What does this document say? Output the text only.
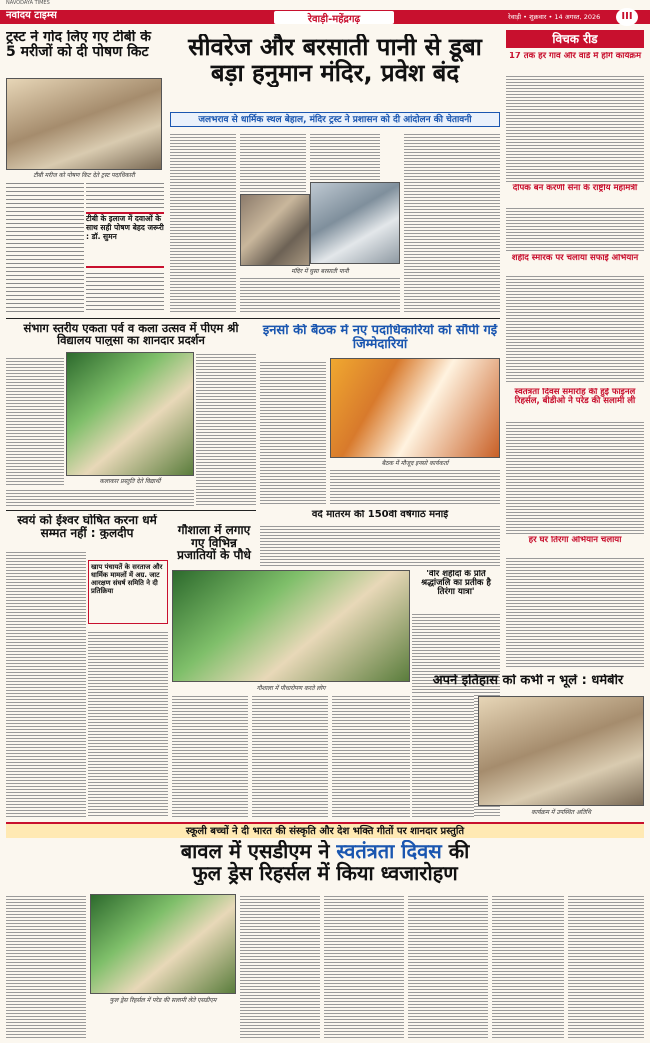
NAVODAYA TIMES
नवोदय टाइम्स	रेवाड़ी-महेंद्रगढ़	रेवाड़ी • शुक्रवार • 14 अगस्त, 2026	III
ट्रस्ट ने गोद लिए गए टीबी के 5 मरीजों को दी पोषण किट
टीबी मरीज को पोषण किट देते ट्रस्ट पदाधिकारी
टीबी के इलाज में दवाओं के साथ सही पोषण बेहद जरूरी : डॉ. सुमन
सीवरेज और बरसाती पानी से डूबा बड़ा हनुमान मंदिर, प्रवेश बंद
जलभराव से धार्मिक स्थल बेहाल, मंदिर ट्रस्ट ने प्रशासन को दी आंदोलन की चेतावनी
मंदिर में घुसा बरसाती पानी
संभाग स्तरीय एकता पर्व व कला उत्सव में पीएम श्री विद्यालय पालुसा का शानदार प्रदर्शन
कलाकार प्रस्तुति देते विद्यार्थी
इनसो की बैठक में नए पदाधिकारियों को सौंपी गईं जिम्मेदारियां
बैठक में मौजूद इनसो कार्यकर्ता
वंदे मातरम की 150वीं वर्षगांठ मनाई
स्वयं को ईश्वर घोषित करना धर्म सम्मत नहीं : कुलदीप
खाप पंचायतें के सरताज और धार्मिक मामलों में अग्र. जाट आरक्षण संघर्ष समिति ने दी प्रतिक्रिया
गौशाला में लगाए गए विभिन्न प्रजातियों के पौधे
गौशाला में पौधारोपण करते लोग
'वीर शहीदों के प्रति श्रद्धांजलि का प्रतीक है तिरंगा यात्रा'
विचक रीड
17 तक हर गांव और वार्ड में होंगे कार्यक्रम
दीपक बन करणी सेना के राष्ट्रीय महामंत्री
शहीद स्मारक पर चलाया सफाई अभियान
स्वतंत्रता दिवस समारोह की हुई फाइनल रिहर्सल, बीडीओ ने परेड की सलामी ली
हर घर तिरंगा अभियान चलाया
अपने इतिहास को कभी न भूलें : धर्मबीर
कार्यक्रम में उपस्थित अतिथि
स्कूली बच्चों ने दी भारत की संस्कृति और देश भक्ति गीतों पर शानदार प्रस्तुति
बावल में एसडीएम ने स्वतंत्रता दिवस की
फुल ड्रेस रिहर्सल में किया ध्वजारोहण
फुल ड्रेस रिहर्सल में परेड की सलामी लेते एसडीएम
